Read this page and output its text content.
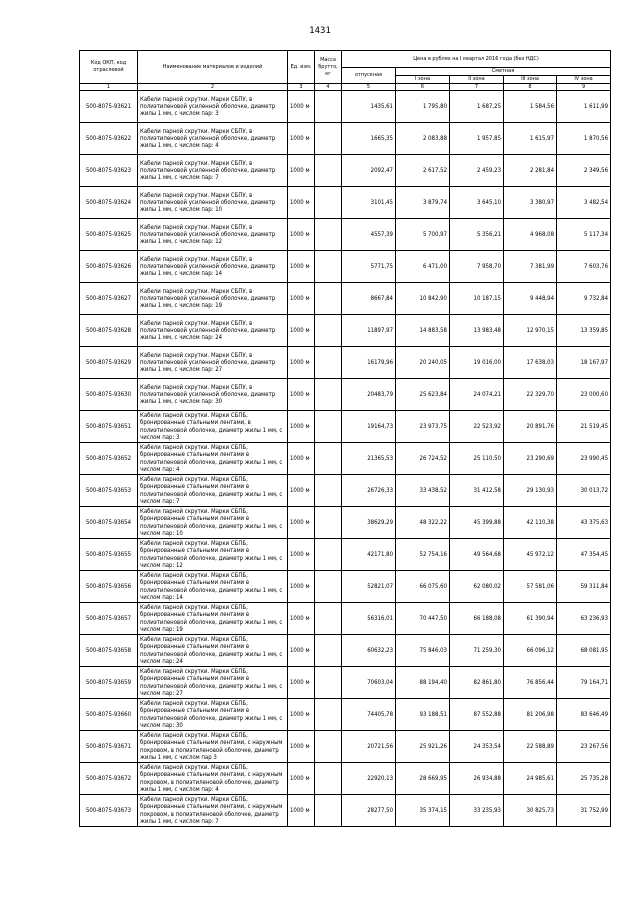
1431
Код ОКП, код отраслевой	Наименование материалов и изделий	Ед. изм.	Масса брутто, кг	Цена в рублях на I квартал 2016 года (без НДС)				
				отпускная	Сметная			
					I зона	II зона	III зона	IV зона
1	2	3	4	5	6	7	8	9
500-8075-93621	Кабели парной скрутки. Марки СБПУ, в полиэтиленовой усиленной оболочке, диаметр жилы 1 мм, с числом пар: 3	1000 м		1435,61	1 795,80	1 687,25	1 584,56	1 611,99
500-8075-93622	Кабели парной скрутки. Марки СБПУ, в полиэтиленовой усиленной оболочке, диаметр жилы 1 мм, с числом пар: 4	1000 м		1665,35	2 083,88	1 957,85	1 615,97	1 870,56
500-8075-93623	Кабели парной скрутки. Марки СБПУ, в полиэтиленовой усиленной оболочке, диаметр жилы 1 мм, с числом пар: 7	1000 м		2092,47	2 617,52	2 459,23	2 281,84	2 349,56
500-8075-93624	Кабели парной скрутки. Марки СБПУ, в полиэтиленовой усиленной оболочке, диаметр жилы 1 мм, с числом пар: 10	1000 м		3101,45	3 879,74	3 645,10	3 380,97	3 482,54
500-8075-93625	Кабели парной скрутки. Марки СБПУ, в полиэтиленовой усиленной оболочке, диаметр жилы 1 мм, с числом пар: 12	1000 м		4557,39	5 700,97	5 356,21	4 968,08	5 117,34
500-8075-93626	Кабели парной скрутки. Марки СБПУ, в полиэтиленовой усиленной оболочке, диаметр жилы 1 мм, с числом пар: 14	1000 м		5771,75	6 471,00	7 958,70	7 381,99	7 603,76
500-8075-93627	Кабели парной скрутки. Марки СБПУ, в полиэтиленовой усиленной оболочке, диаметр жилы 1 мм, с числом пар: 19	1000 м		8667,84	10 842,90	10 187,15	9 448,94	9 732,84
500-8075-93628	Кабели парной скрутки. Марки СБПУ, в полиэтиленовой усиленной оболочке, диаметр жилы 1 мм, с числом пар: 24	1000 м		11897,97	14 883,58	13 983,48	12 970,15	13 359,85
500-8075-93629	Кабели парной скрутки. Марки СБПУ, в полиэтиленовой усиленной оболочке, диаметр жилы 1 мм, с числом пар: 27	1000 м		16179,96	20 240,05	19 016,00	17 638,03	18 167,97
500-8075-93630	Кабели парной скрутки. Марки СБПУ, в полиэтиленовой усиленной оболочке, диаметр жилы 1 мм, с числом пар: 30	1000 м		20483,79	25 623,84	24 074,21	22 329,70	23 000,60
500-8075-93651	Кабели парной скрутки. Марки СБПБ, бронированные стальными лентами, в полиэтиленовой оболочке, диаметр жилы 1 мм, с числом пар: 3	1000 м		19164,73	23 973,75	22 523,92	20 891,76	21 519,45
500-8075-93652	Кабели парной скрутки. Марки СБПБ, бронированные стальными лентами в полиэтиленовой оболочке, диаметр жилы 1 мм, с числом пар: 4	1000 м		21365,53	26 724,52	25 110,50	23 290,69	23 990,45
500-8075-93653	Кабели парной скрутки. Марки СБПБ, бронированные стальными лентами в полиэтиленовой оболочке, диаметр жилы 1 мм, с числом пар: 7	1000 м		26726,33	33 438,52	31 412,58	29 130,93	30 013,72
500-8075-93654	Кабели парной скрутки. Марки СБПБ, бронированные стальными лентами в полиэтиленовой оболочке, диаметр жилы 1 мм, с числом пар: 10	1000 м		38629,29	48 322,22	45 399,88	42 110,38	43 375,63
500-8075-93655	Кабели парной скрутки. Марки СБПБ, бронированные стальными лентами в полиэтиленовой оболочке, диаметр жилы 1 мм, с числом пар: 12	1000 м		42171,80	52 754,16	49 564,68	45 972,12	47 354,45
500-8075-93656	Кабели парной скрутки. Марки СБПБ, бронированные стальными лентами в полиэтиленовой оболочке, диаметр жилы 1 мм, с числом пар: 14	1000 м		52821,07	66 075,60	62 080,02	57 581,06	59 311,84
500-8075-93657	Кабели парной скрутки. Марки СБПБ, бронированные стальными лентами в полиэтиленовой оболочке, диаметр жилы 1 мм, с числом пар: 19	1000 м		56316,01	70 447,50	66 188,08	61 390,94	63 236,93
500-8075-93658	Кабели парной скрутки. Марки СБПБ, бронированные стальными лентами в полиэтиленовой оболочке, диаметр жилы 1 мм, с числом пар: 24	1000 м		60632,23	75 846,03	71 259,30	66 096,12	68 081,95
500-8075-93659	Кабели парной скрутки. Марки СБПБ, бронированные стальными лентами в полиэтиленовой оболочке, диаметр жилы 1 мм, с числом пар: 27	1000 м		70603,04	88 194,40	82 861,80	76 856,44	79 164,71
500-8075-93660	Кабели парной скрутки. Марки СБПБ, бронированные стальными лентами в полиэтиленовой оболочке, диаметр жилы 1 мм, с числом пар: 30	1000 м		74405,78	93 188,51	87 552,88	81 206,98	83 646,49
500-8075-93671	Кабели парной скрутки. Марки СБПБ, бронированные стальными лентами, с наружным покровом, в полиэтиленовой оболочке, диаметр жилы 1 мм, с числом пар 3	1000 м		20721,56	25 921,26	24 353,54	22 588,89	23 267,56
500-8075-93672	Кабели парной скрутки. Марки СБПБ, бронированные стальными лентами, с наружным покровом, в полиэтиленовой оболочке, диаметр жилы 1 мм, с числом пар: 4	1000 м		22920,13	28 669,95	26 934,88	24 985,61	25 735,28
500-8075-93673	Кабели парной скрутки. Марки СБПБ, бронированные стальными лентами, с наружным покровом, в полиэтиленовой оболочке, диаметр жилы 1 мм, с числом пар: 7	1000 м		28277,50	35 374,15	33 235,93	30 825,73	31 752,99
